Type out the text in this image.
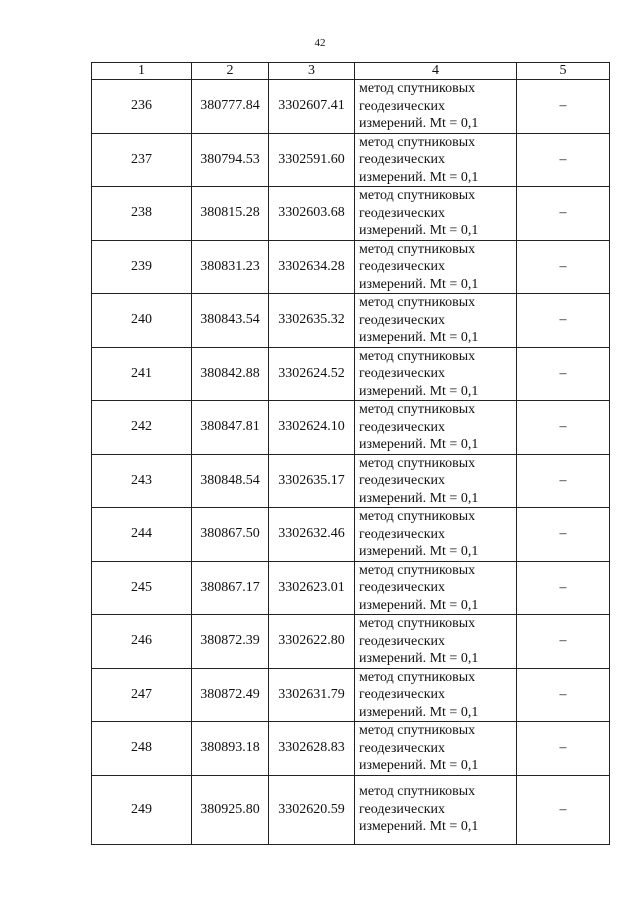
42
1	2	3	4	5
236	380777.84	3302607.41	метод спутниковых
геодезических
измерений. Mt = 0,1	–
237	380794.53	3302591.60	метод спутниковых
геодезических
измерений. Mt = 0,1	–
238	380815.28	3302603.68	метод спутниковых
геодезических
измерений. Mt = 0,1	–
239	380831.23	3302634.28	метод спутниковых
геодезических
измерений. Mt = 0,1	–
240	380843.54	3302635.32	метод спутниковых
геодезических
измерений. Mt = 0,1	–
241	380842.88	3302624.52	метод спутниковых
геодезических
измерений. Mt = 0,1	–
242	380847.81	3302624.10	метод спутниковых
геодезических
измерений. Mt = 0,1	–
243	380848.54	3302635.17	метод спутниковых
геодезических
измерений. Mt = 0,1	–
244	380867.50	3302632.46	метод спутниковых
геодезических
измерений. Mt = 0,1	–
245	380867.17	3302623.01	метод спутниковых
геодезических
измерений. Mt = 0,1	–
246	380872.39	3302622.80	метод спутниковых
геодезических
измерений. Mt = 0,1	–
247	380872.49	3302631.79	метод спутниковых
геодезических
измерений. Mt = 0,1	–
248	380893.18	3302628.83	метод спутниковых
геодезических
измерений. Mt = 0,1	–
249	380925.80	3302620.59	метод спутниковых
геодезических
измерений. Mt = 0,1	–
